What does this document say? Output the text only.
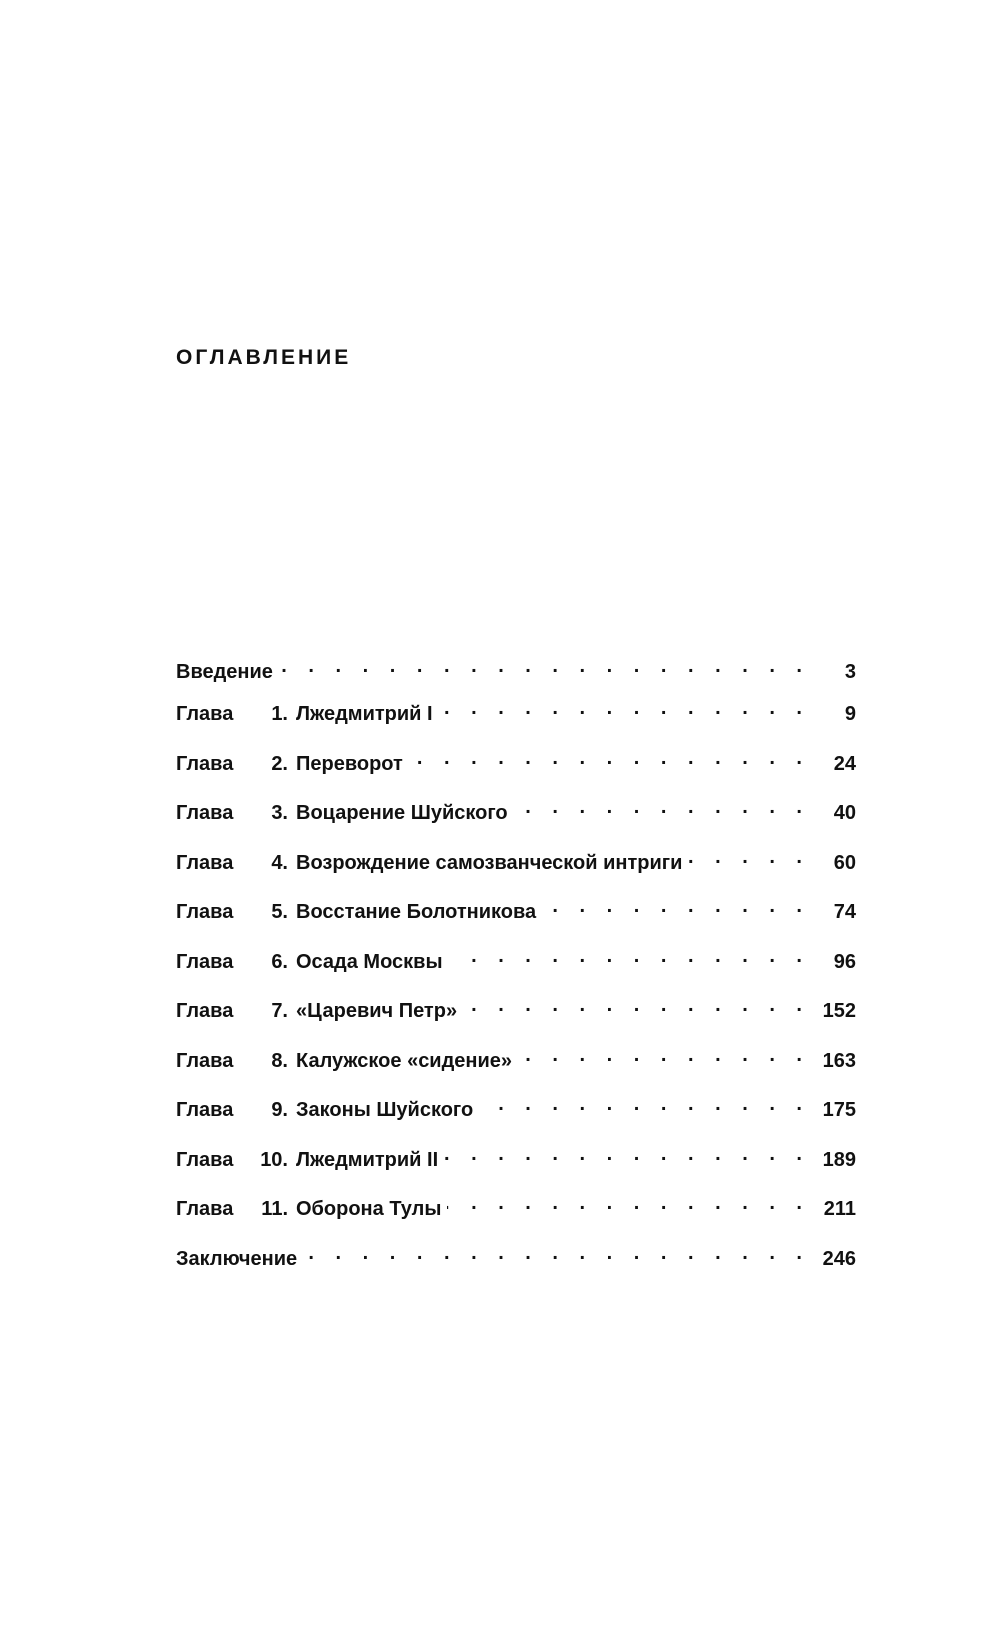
ОГЛАВЛЕНИЕ
Введение . . .	3
Глава	1. Лжедмитрий I . . .	9
Глава	2. Переворот . . .	24
Глава	3. Воцарение Шуйского . . .	40
Глава	4. Возрождение самозванческой интриги . . .	60
Глава	5. Восстание Болотникова . . .	74
Глава	6. Осада Москвы . . .	96
Глава	7. «Царевич Петр» . . .	152
Глава	8. Калужское «сидение» . . .	163
Глава	9. Законы Шуйского . . .	175
Глава	10. Лжедмитрий II . . .	189
Глава	11. Оборона Тулы . . .	211
Заключение . . .	246
